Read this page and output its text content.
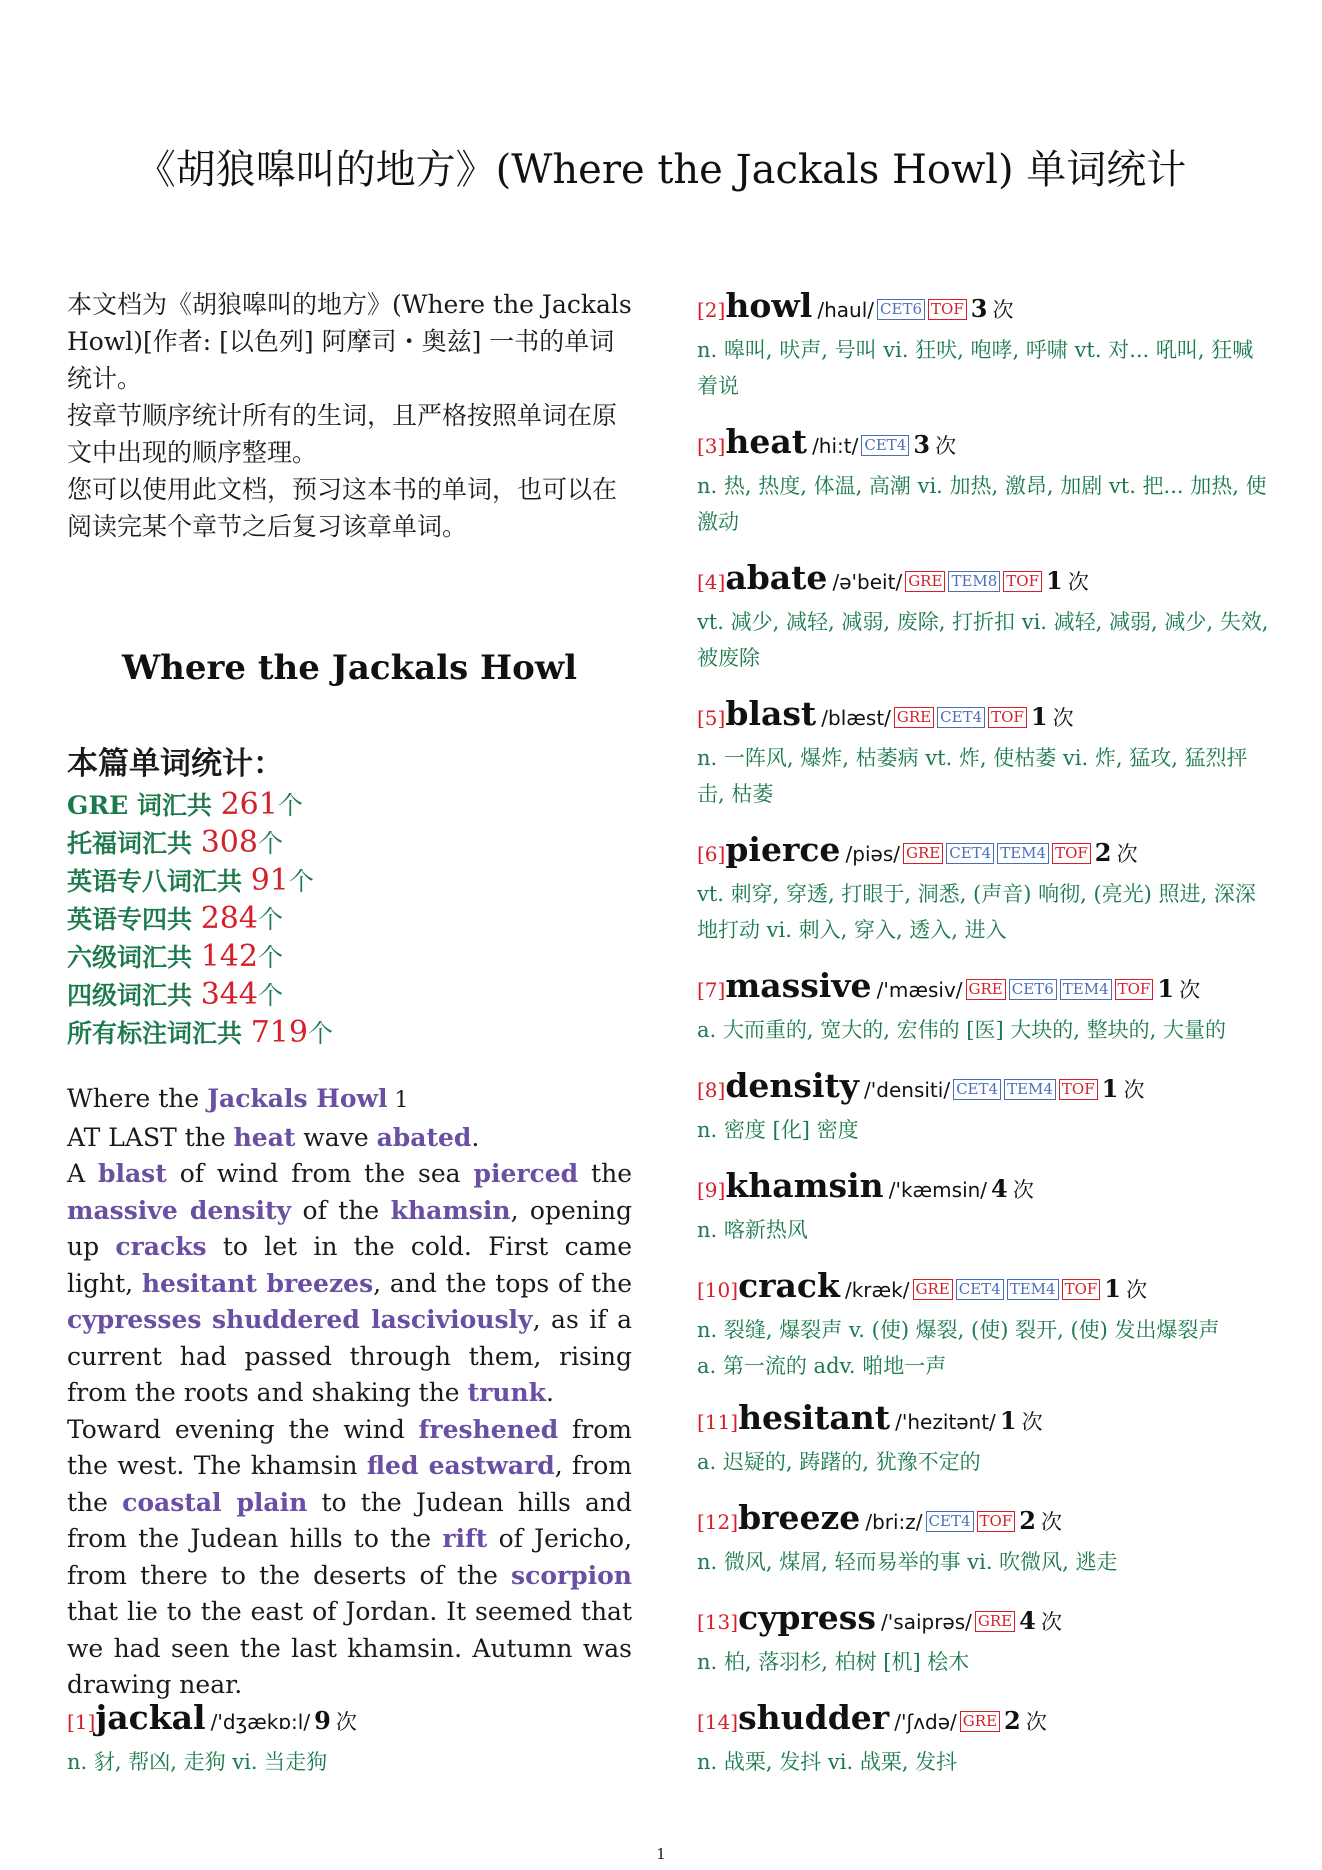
《胡狼嗥叫的地方》(Where the Jackals Howl) 单词统计

本文档为《胡狼嗥叫的地方》(Where the Jackals Howl)[作者: [以色列] 阿摩司・奥兹] 一书的单词统计。

按章节顺序统计所有的生词，且严格按照单词在原文中出现的顺序整理。

您可以使用此文档，预习这本书的单词，也可以在阅读完某个章节之后复习该章单词。

Where the Jackals Howl
本篇单词统计：
GRE 词汇共 261个
托福词汇共 308个
英语专八词汇共 91个
英语专四共 284个
六级词汇共 142个
四级词汇共 344个
所有标注词汇共 719个
Where the Jackals Howl 1
AT LAST the heat wave abated.
A blast of wind from the sea pierced the massive density of the khamsin, opening up cracks to let in the cold. First came light, hesitant breezes, and the tops of the cypresses shuddered lasciviously, as if a current had passed through them, rising from the roots and shaking the trunk.
Toward evening the wind freshened from the west. The khamsin fled eastward, from the coastal plain to the Judean hills and from the Judean hills to the rift of Jericho, from there to the deserts of the scorpion that lie to the east of Jordan. It seemed that we had seen the last khamsin. Autumn was drawing near.
[1]jackal /'dʒækɒ:l/ 9 次

n. 豺, 帮凶, 走狗 vi. 当走狗

[2]howl /haul/ CET6 TOF 3 次

n. 嗥叫, 吠声, 号叫 vi. 狂吠, 咆哮, 呼啸 vt. 对... 吼叫, 狂喊着说

[3]heat /hi:t/ CET4 3 次

n. 热, 热度, 体温, 高潮 vi. 加热, 激昂, 加剧 vt. 把... 加热, 使激动

[4]abate /ə'beit/ GRE TEM8 TOF 1 次

vt. 减少, 减轻, 减弱, 废除, 打折扣 vi. 减轻, 减弱, 减少, 失效, 被废除

[5]blast /blæst/ GRE CET4 TOF 1 次

n. 一阵风, 爆炸, 枯萎病 vt. 炸, 使枯萎 vi. 炸, 猛攻, 猛烈抨击, 枯萎

[6]pierce /piəs/ GRE CET4 TEM4 TOF 2 次

vt. 刺穿, 穿透, 打眼于, 洞悉, (声音) 响彻, (亮光) 照进, 深深地打动 vi. 刺入, 穿入, 透入, 进入

[7]massive /'mæsiv/ GRE CET6 TEM4 TOF 1 次

a. 大而重的, 宽大的, 宏伟的 [医] 大块的, 整块的, 大量的

[8]density /'densiti/ CET4 TEM4 TOF 1 次

n. 密度 [化] 密度

[9]khamsin /'kæmsin/ 4 次

n. 喀新热风

[10]crack /kræk/ GRE CET4 TEM4 TOF 1 次

n. 裂缝, 爆裂声 v. (使) 爆裂, (使) 裂开, (使) 发出爆裂声

a. 第一流的 adv. 啪地一声

[11]hesitant /'hezitənt/ 1 次

a. 迟疑的, 踌躇的, 犹豫不定的

[12]breeze /bri:z/ CET4 TOF 2 次

n. 微风, 煤屑, 轻而易举的事 vi. 吹微风, 逃走

[13]cypress /'saiprəs/ GRE 4 次

n. 柏, 落羽杉, 柏树 [机] 桧木

[14]shudder /'ʃʌdə/ GRE 2 次

n. 战栗, 发抖 vi. 战栗, 发抖

1
